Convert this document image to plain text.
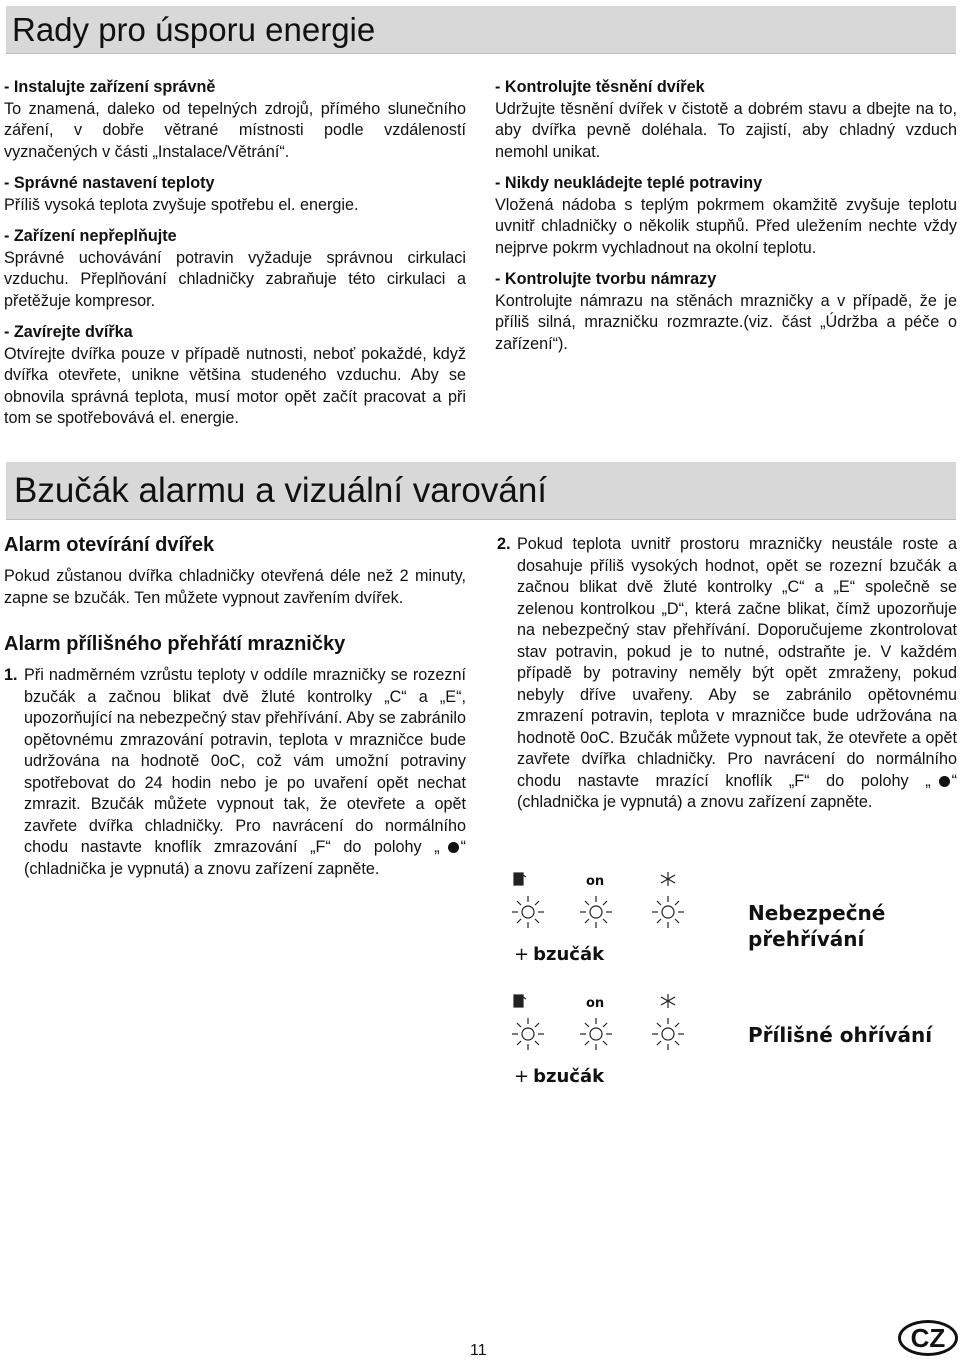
Rady pro úsporu energie
- Instalujte zařízení správně

To znamená, daleko od tepelných zdrojů, přímého slunečního záření, v dobře větrané místnosti podle vzdáleností vyznačených v části „Instalace/Větrání“.

- Správné nastavení teploty

Příliš vysoká teplota zvyšuje spotřebu el. energie.

- Zařízení nepřeplňujte

Správné uchovávání potravin vyžaduje správnou cirkulaci vzduchu. Přeplňování chladničky zabraňuje této cirkulaci a přetěžuje kompresor.

- Zavírejte dvířka

Otvírejte dvířka pouze v případě nutnosti, neboť pokaždé, když dvířka otevřete, unikne většina studeného vzduchu. Aby se obnovila správná teplota, musí motor opět začít pracovat a při tom se spotřebovává el. energie.

- Kontrolujte těsnění dvířek

Udržujte těsnění dvířek v čistotě a dobrém stavu a dbejte na to, aby dvířka pevně doléhala. To zajistí, aby chladný vzduch nemohl unikat.

- Nikdy neukládejte teplé potraviny

Vložená nádoba s teplým pokrmem okamžitě zvyšuje teplotu uvnitř chladničky o několik stupňů. Před uležením nechte vždy nejprve pokrm vychladnout na okolní teplotu.

- Kontrolujte tvorbu námrazy

Kontrolujte námrazu na stěnách mrazničky a v případě, že je příliš silná, mrazničku rozmrazte.(viz. část „Údržba a péče o zařízení“).

Bzučák alarmu a vizuální varování
Alarm otevírání dvířek

Pokud zůstanou dvířka chladničky otevřená déle než 2 minuty, zapne se bzučák. Ten můžete vypnout zavřením dvířek.

Alarm přílišného přehřátí mrazničky
1. Při nadměrném vzrůstu teploty v oddíle mrazničky se rozezní bzučák a začnou blikat dvě žluté kontrolky „C“ a „E“, upozorňující na nebezpečný stav přehřívání. Aby se zabránilo opětovnému zmrazování potravin, teplota v mrazničce bude udržována na hodnotě 0oC, což vám umožní potraviny spotřebovat do 24 hodin nebo je po uvaření opět nechat zmrazit. Bzučák můžete vypnout tak, že otevřete a opět zavřete dvířka chladničky. Pro navrácení do normálního chodu nastavte knoflík zmrazování „F“ do polohy „ “ (chladnička je vypnutá) a znovu zařízení zapněte.
2. Pokud teplota uvnitř prostoru mrazničky neustále roste a dosahuje příliš vysokých hodnot, opět se rozezní bzučák a začnou blikat dvě žluté kontrolky „C“ a „E“ společně se zelenou kontrolkou „D“, která začne blikat, čímž upozorňuje na nebezpečný stav přehřívání. Doporučujeme zkontrolovat stav potravin, pokud je to nutné, odstraňte je. V každém případě by potraviny neměly být opět zmraženy, pokud nebyly dříve uvařeny. Aby se zabránilo opětovnému zmrazení potravin, teplota v mrazničce bude udržována na hodnotě 0oC. Bzučák můžete vypnout tak, že otevřete a opět zavřete dvířka chladničky. Pro navrácení do normálního chodu nastavte mrazící knoflík „F“ do polohy „ “ (chladnička je vypnutá) a znovu zařízení zapněte.
on
Nebezpečné přehřívání
+ bzučák
on
Přílišné ohřívání
+ bzučák
11	CZ
